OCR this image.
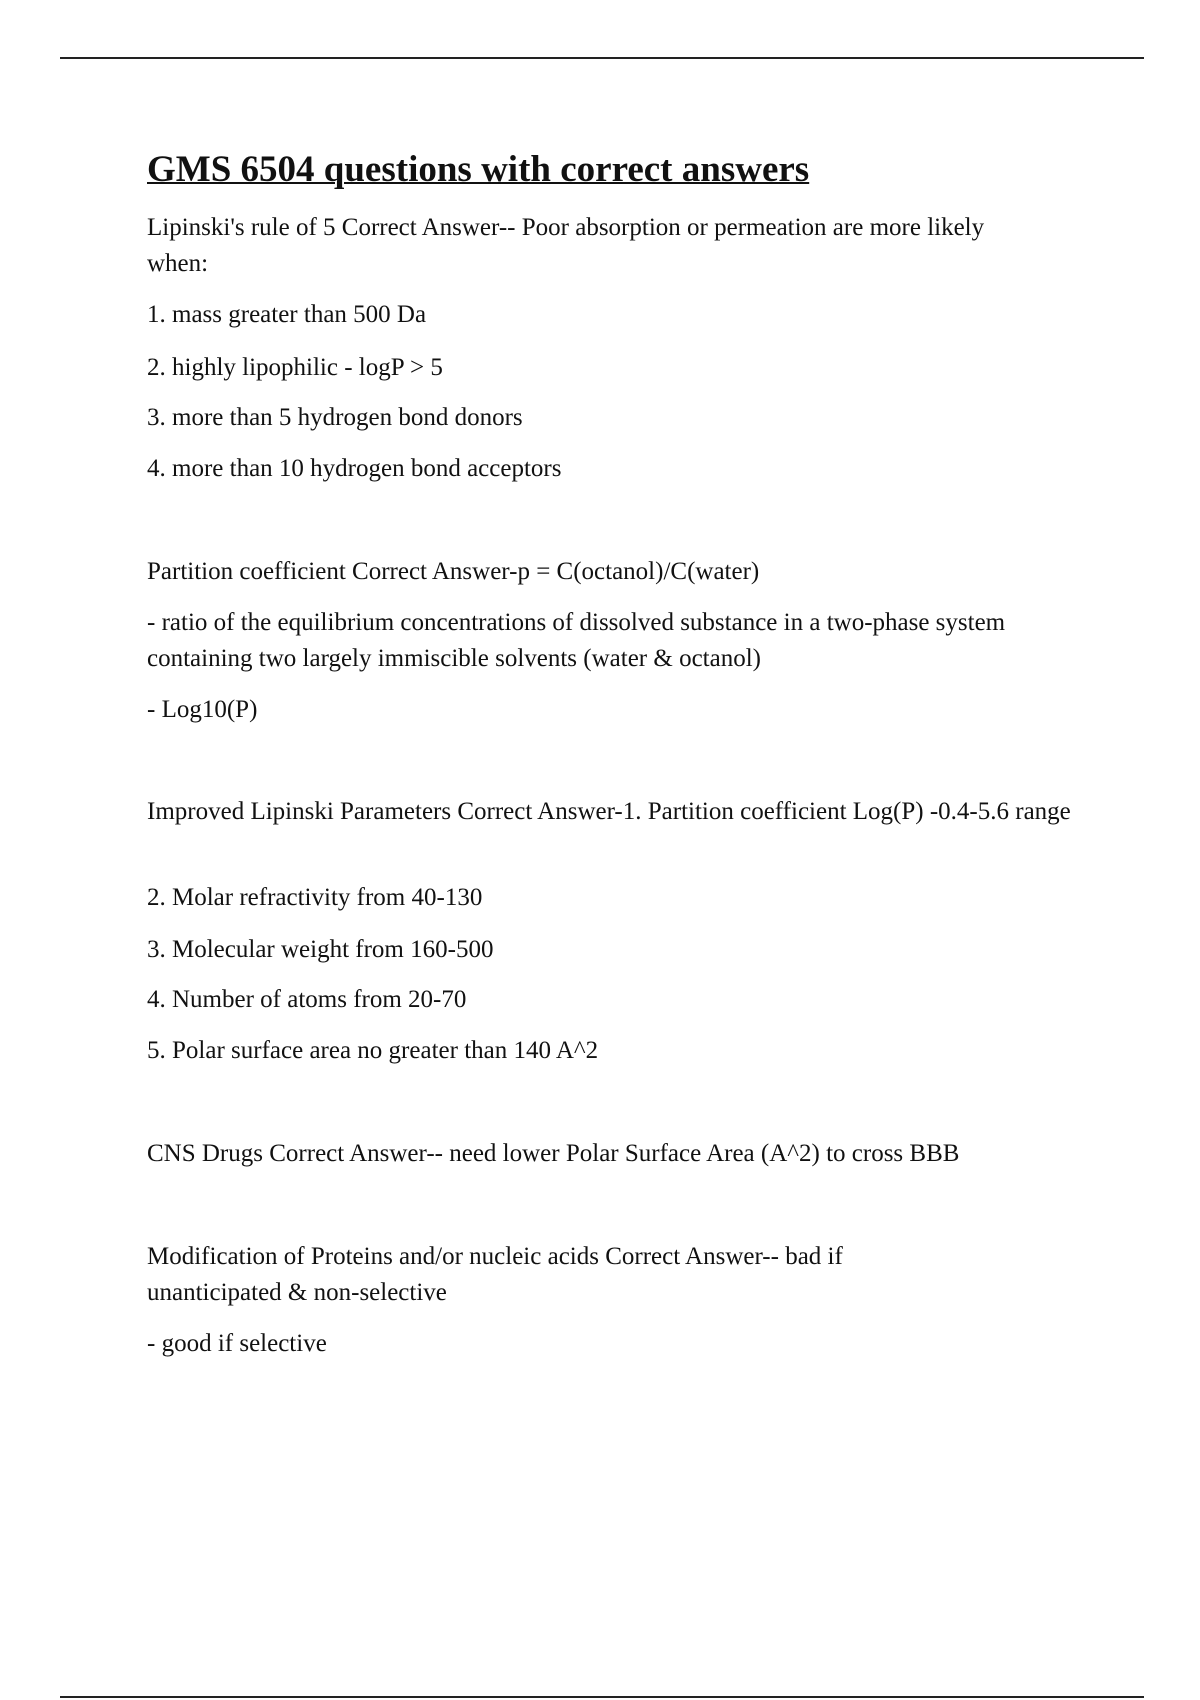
GMS 6504 questions with correct answers

Lipinski's rule of 5 Correct Answer-- Poor absorption or permeation are more likely when:

1. mass greater than 500 Da

2. highly lipophilic - logP > 5

3. more than 5 hydrogen bond donors

4. more than 10 hydrogen bond acceptors

Partition coefficient Correct Answer-p = C(octanol)/C(water)

- ratio of the equilibrium concentrations of dissolved substance in a two-phase system containing two largely immiscible solvents (water & octanol)

- Log10(P)

Improved Lipinski Parameters Correct Answer-1. Partition coefficient Log(P) -0.4-5.6 range

2. Molar refractivity from 40-130

3. Molecular weight from 160-500

4. Number of atoms from 20-70

5. Polar surface area no greater than 140 A^2

CNS Drugs Correct Answer-- need lower Polar Surface Area (A^2) to cross BBB

Modification of Proteins and/or nucleic acids Correct Answer-- bad if unanticipated & non-selective

- good if selective
